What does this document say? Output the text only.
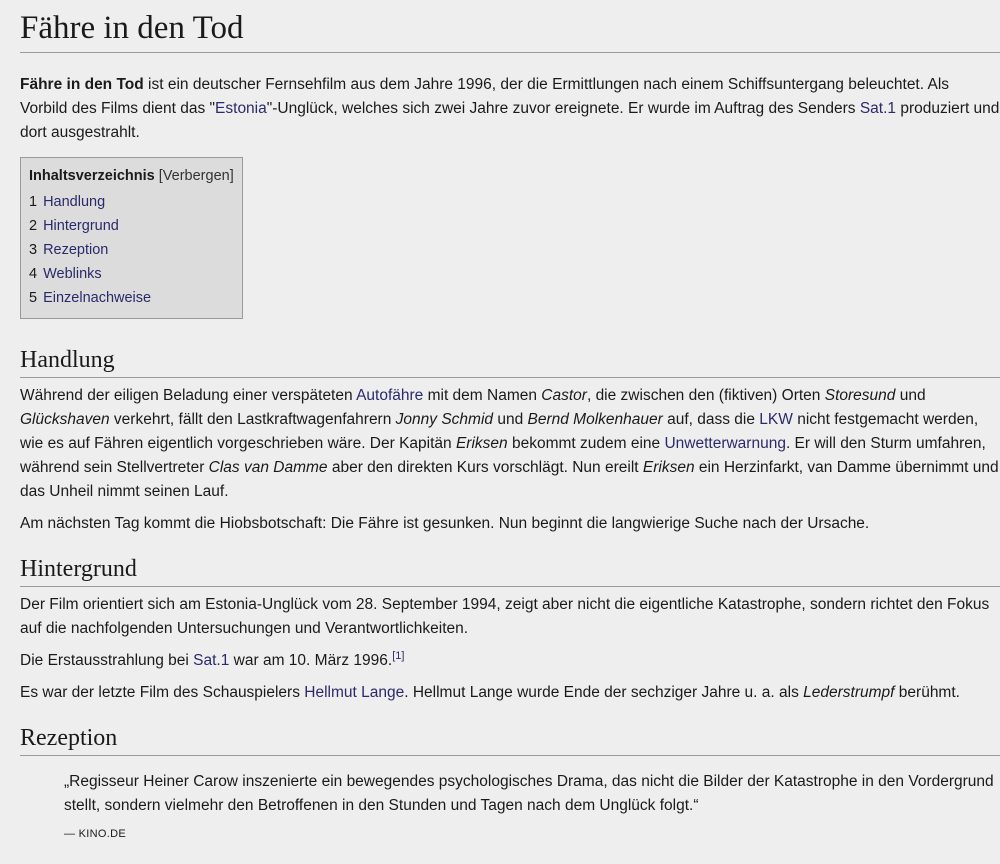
Fähre in den Tod

Fähre in den Tod ist ein deutscher Fernsehfilm aus dem Jahre 1996, der die Ermittlungen nach einem Schiffsuntergang beleuchtet. Als Vorbild des Films dient das "Estonia"-Unglück, welches sich zwei Jahre zuvor ereignete. Er wurde im Auftrag des Senders Sat.1 produziert und dort ausgestrahlt.

Inhaltsverzeichnis [Verbergen]
1 Handlung
2 Hintergrund
3 Rezeption
4 Weblinks
5 Einzelnachweise
Handlung

Während der eiligen Beladung einer verspäteten Autofähre mit dem Namen Castor, die zwischen den (fiktiven) Orten Storesund und Glückshaven verkehrt, fällt den Lastkraftwagenfahrern Jonny Schmid und Bernd Molkenhauer auf, dass die LKW nicht festgemacht werden, wie es auf Fähren eigentlich vorgeschrieben wäre. Der Kapitän Eriksen bekommt zudem eine Unwetterwarnung. Er will den Sturm umfahren, während sein Stellvertreter Clas van Damme aber den direkten Kurs vorschlägt. Nun ereilt Eriksen ein Herzinfarkt, van Damme übernimmt und das Unheil nimmt seinen Lauf.

Am nächsten Tag kommt die Hiobsbotschaft: Die Fähre ist gesunken. Nun beginnt die langwierige Suche nach der Ursache.

Hintergrund

Der Film orientiert sich am Estonia-Unglück vom 28. September 1994, zeigt aber nicht die eigentliche Katastrophe, sondern richtet den Fokus auf die nachfolgenden Untersuchungen und Verantwortlichkeiten.

Die Erstausstrahlung bei Sat.1 war am 10. März 1996.[1]

Es war der letzte Film des Schauspielers Hellmut Lange. Hellmut Lange wurde Ende der sechziger Jahre u. a. als Lederstrumpf berühmt.

Rezeption
„Regisseur Heiner Carow inszenierte ein bewegendes psychologisches Drama, das nicht die Bilder der Katastrophe in den Vordergrund stellt, sondern vielmehr den Betroffenen in den Stunden und Tagen nach dem Unglück folgt.“
— KINO.DE
